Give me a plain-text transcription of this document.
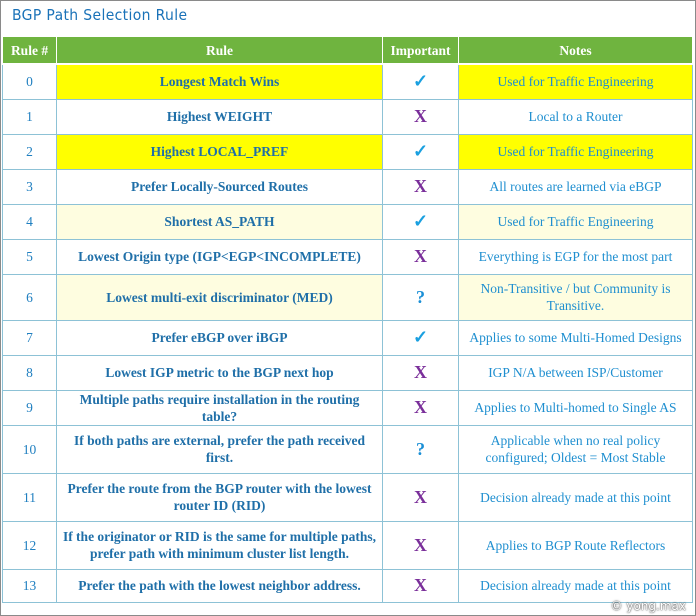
BGP Path Selection Rule
Rule #	Rule	Important	Notes
0	Longest Match Wins	✓	Used for Traffic Engineering
1	Highest WEIGHT	X	Local to a Router
2	Highest LOCAL_PREF	✓	Used for Traffic Engineering
3	Prefer Locally-Sourced Routes	X	All routes are learned via eBGP
4	Shortest AS_PATH	✓	Used for Traffic Engineering
5	Lowest Origin type (IGP<EGP<INCOMPLETE)	X	Everything is EGP for the most part
6	Lowest multi-exit discriminator (MED)	?	Non-Transitive / but Community is Transitive.
7	Prefer eBGP over iBGP	✓	Applies to some Multi-Homed Designs
8	Lowest IGP metric to the BGP next hop	X	IGP N/A between ISP/Customer
9	Multiple paths require installation in the routing table?	X	Applies to Multi-homed to Single AS
10	If both paths are external, prefer the path received first.	?	Applicable when no real policy configured; Oldest = Most Stable
11	Prefer the route from the BGP router with the lowest router ID (RID)	X	Decision already made at this point
12	If the originator or RID is the same for multiple paths, prefer path with minimum cluster list length.	X	Applies to BGP Route Reflectors
13	Prefer the path with the lowest neighbor address.	X	Decision already made at this point
© yong.max
